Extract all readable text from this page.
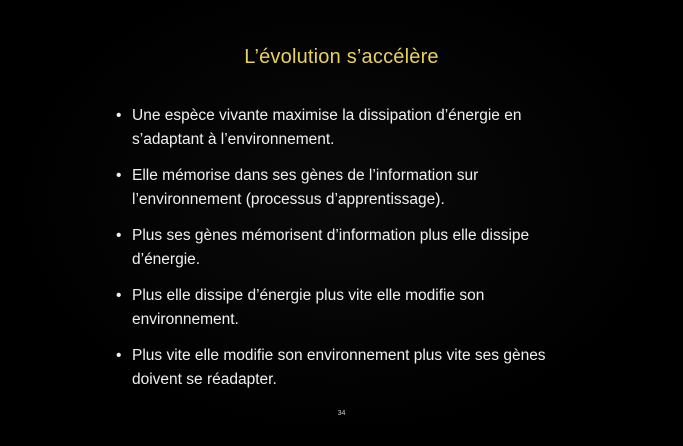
L’évolution s’accélère
• Une espèce vivante maximise la dissipation d’énergie en s’adaptant à l’environnement.
• Elle mémorise dans ses gènes de l’information sur l’environnement (processus d’apprentissage).
• Plus ses gènes mémorisent d’information plus elle dissipe d’énergie.
• Plus elle dissipe d’énergie plus vite elle modifie son environnement.
• Plus vite elle modifie son environnement plus vite ses gènes doivent se réadapter.
34
